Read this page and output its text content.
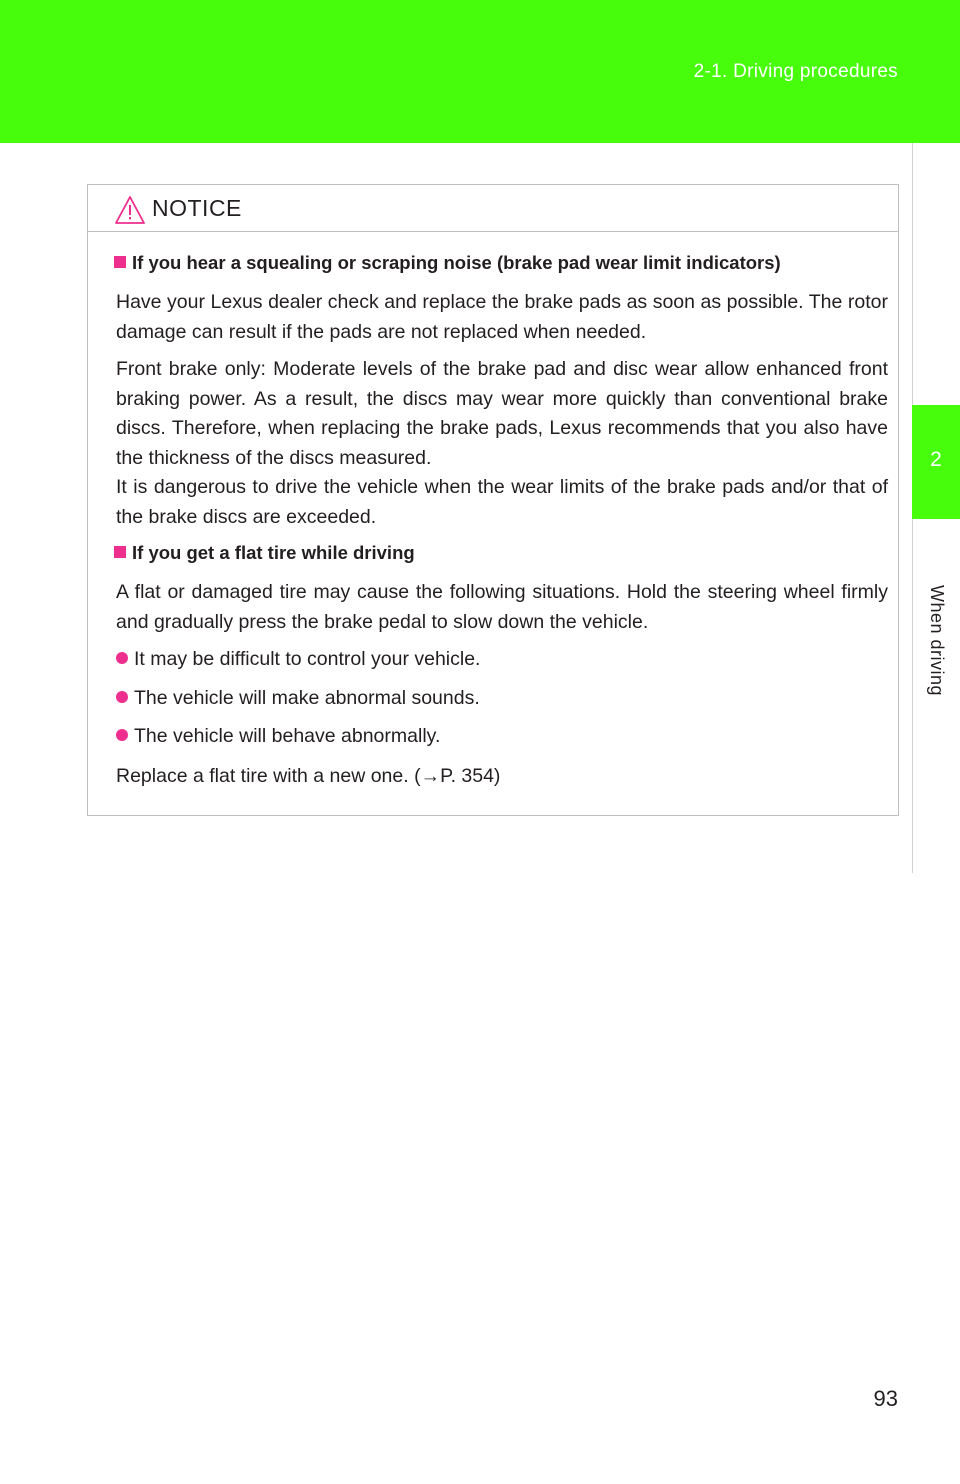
2-1. Driving procedures
2
When driving
NOTICE
If you hear a squealing or scraping noise (brake pad wear limit indicators)
Have your Lexus dealer check and replace the brake pads as soon as possible. The rotor damage can result if the pads are not replaced when needed.
Front brake only: Moderate levels of the brake pad and disc wear allow enhanced front braking power. As a result, the discs may wear more quickly than conventional brake discs. Therefore, when replacing the brake pads, Lexus recommends that you also have the thickness of the discs measured.
It is dangerous to drive the vehicle when the wear limits of the brake pads and/or that of the brake discs are exceeded.
If you get a flat tire while driving
A flat or damaged tire may cause the following situations. Hold the steering wheel firmly and gradually press the brake pedal to slow down the vehicle.
It may be difficult to control your vehicle.
The vehicle will make abnormal sounds.
The vehicle will behave abnormally.
Replace a flat tire with a new one. (→P. 354)
93
